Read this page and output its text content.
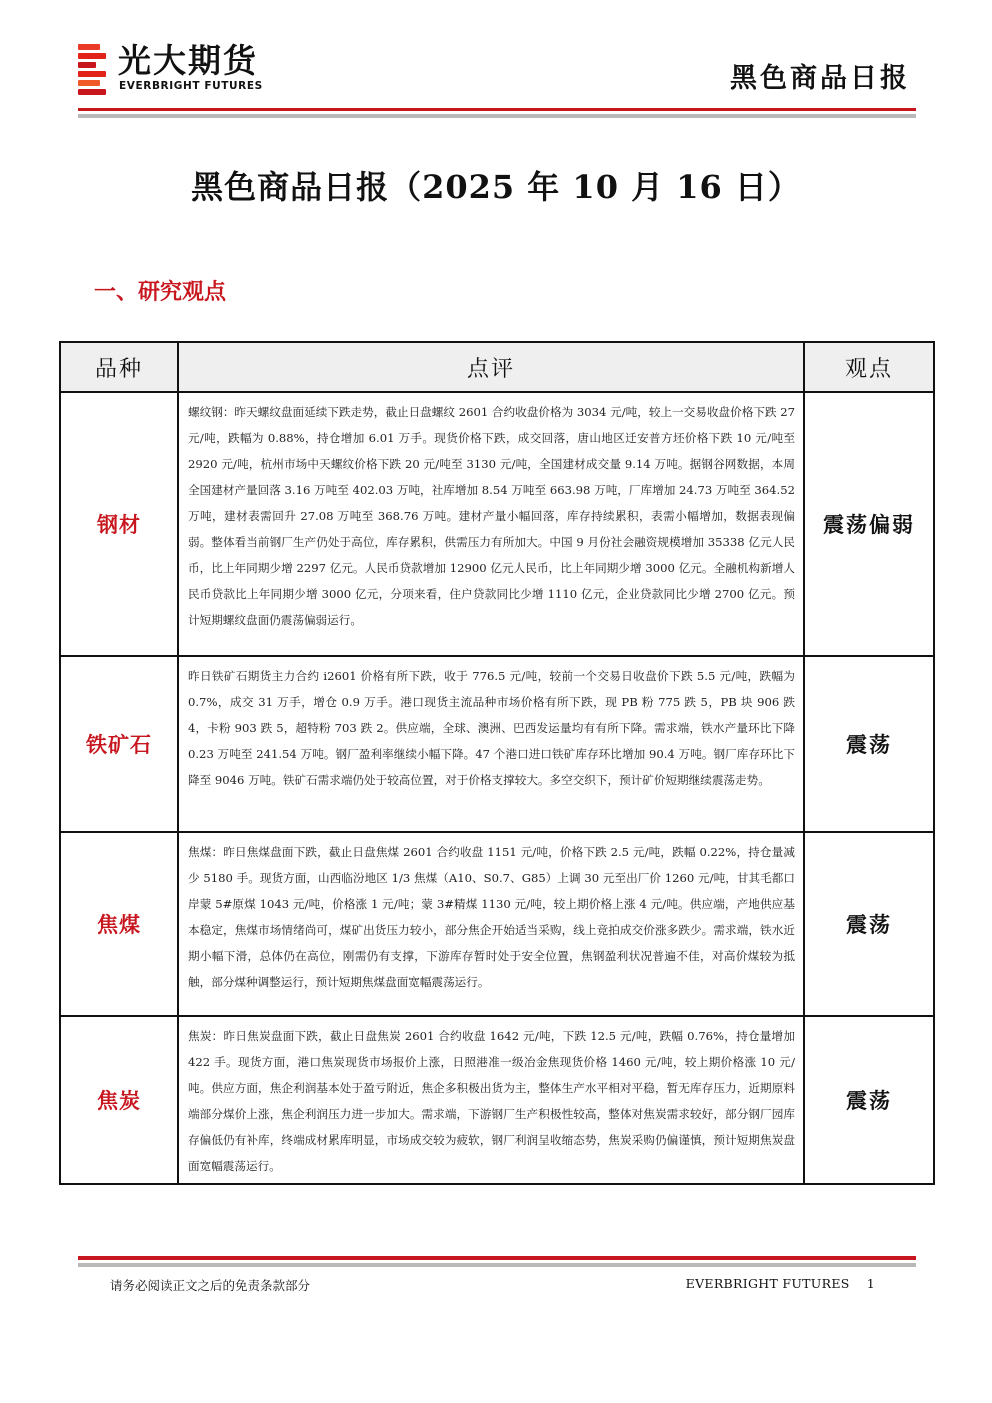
光大期货
EVERBRIGHT FUTURES	黑色商品日报
黑色商品日报（2025 年 10 月 16 日）
一、研究观点
品种	点评	观点
钢材	螺纹钢：昨天螺纹盘面延续下跌走势，截止日盘螺纹 2601 合约收盘价格为 3034 元/吨，较上一交易收盘价格下跌 27 元/吨，跌幅为 0.88%，持仓增加 6.01 万手。现货价格下跌，成交回落，唐山地区迁安普方坯价格下跌 10 元/吨至 2920 元/吨，杭州市场中天螺纹价格下跌 20 元/吨至 3130 元/吨，全国建材成交量 9.14 万吨。据钢谷网数据，本周全国建材产量回落 3.16 万吨至 402.03 万吨，社库增加 8.54 万吨至 663.98 万吨，厂库增加 24.73 万吨至 364.52 万吨，建材表需回升 27.08 万吨至 368.76 万吨。建材产量小幅回落，库存持续累积，表需小幅增加，数据表现偏弱。整体看当前钢厂生产仍处于高位，库存累积，供需压力有所加大。中国 9 月份社会融资规模增加 35338 亿元人民币，比上年同期少增 2297 亿元。人民币贷款增加 12900 亿元人民币，比上年同期少增 3000 亿元。全融机构新增人民币贷款比上年同期少增 3000 亿元，分项来看，住户贷款同比少增 1110 亿元，企业贷款同比少增 2700 亿元。预计短期螺纹盘面仍震荡偏弱运行。	震荡偏弱
铁矿石	昨日铁矿石期货主力合约 i2601 价格有所下跌，收于 776.5 元/吨，较前一个交易日收盘价下跌 5.5 元/吨，跌幅为 0.7%，成交 31 万手，增仓 0.9 万手。港口现货主流品种市场价格有所下跌，现 PB 粉 775 跌 5，PB 块 906 跌 4，卡粉 903 跌 5，超特粉 703 跌 2。供应端，全球、澳洲、巴西发运量均有有所下降。需求端，铁水产量环比下降 0.23 万吨至 241.54 万吨。钢厂盈利率继续小幅下降。47 个港口进口铁矿库存环比增加 90.4 万吨。钢厂库存环比下降至 9046 万吨。铁矿石需求端仍处于较高位置，对于价格支撑较大。多空交织下，预计矿价短期继续震荡走势。	震荡
焦煤	焦煤：昨日焦煤盘面下跌，截止日盘焦煤 2601 合约收盘 1151 元/吨，价格下跌 2.5 元/吨，跌幅 0.22%，持仓量减少 5180 手。现货方面，山西临汾地区 1/3 焦煤（A10、S0.7、G85）上调 30 元至出厂价 1260 元/吨，甘其毛都口岸蒙 5#原煤 1043 元/吨，价格涨 1 元/吨；蒙 3#精煤 1130 元/吨，较上期价格上涨 4 元/吨。供应端，产地供应基本稳定，焦煤市场情绪尚可，煤矿出货压力较小，部分焦企开始适当采购，线上竞拍成交价涨多跌少。需求端，铁水近期小幅下滑，总体仍在高位，刚需仍有支撑，下游库存暂时处于安全位置，焦钢盈利状况普遍不佳，对高价煤较为抵触，部分煤种调整运行，预计短期焦煤盘面宽幅震荡运行。	震荡
焦炭	焦炭：昨日焦炭盘面下跌，截止日盘焦炭 2601 合约收盘 1642 元/吨，下跌 12.5 元/吨，跌幅 0.76%，持仓量增加 422 手。现货方面，港口焦炭现货市场报价上涨，日照港准一级冶金焦现货价格 1460 元/吨，较上期价格涨 10 元/吨。供应方面，焦企利润基本处于盈亏附近，焦企多积极出货为主，整体生产水平相对平稳，暂无库存压力，近期原料端部分煤价上涨，焦企利润压力进一步加大。需求端，下游钢厂生产积极性较高，整体对焦炭需求较好，部分钢厂园库存偏低仍有补库，终端成材累库明显，市场成交较为疲软，钢厂利润呈收缩态势，焦炭采购仍偏谨慎，预计短期焦炭盘面宽幅震荡运行。	震荡
请务必阅读正文之后的免责条款部分	EVERBRIGHT FUTURES 1
